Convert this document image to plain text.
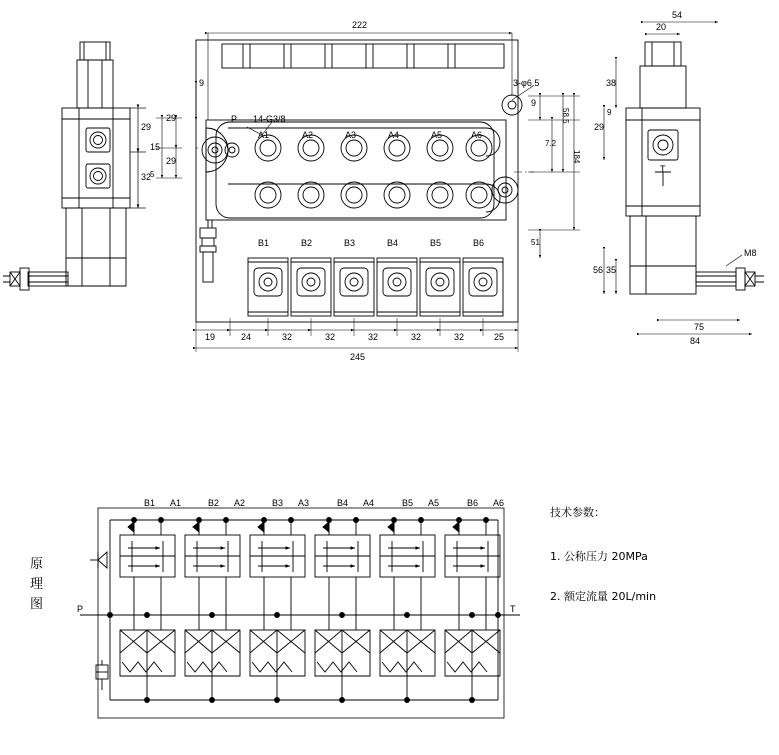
29
32
222
245
9
29
15
29
5
9
7.2
58.5
184
51
3-φ6.5
14-G3/8
P
A1	A2	A3	A4	A5	A6
B1	B2	B3	B4	B5	B6
19	24	32	32	32	32	32	25
54
20
38
29
9
56 35
75
84
M8
T
原
理
图	P	T
B1 A1	B2 A2	B3 A3	B4 A4	B5 A5	B6 A6
技术参数：
1. 公称压力 20MPa
2. 额定流量 20L/min
